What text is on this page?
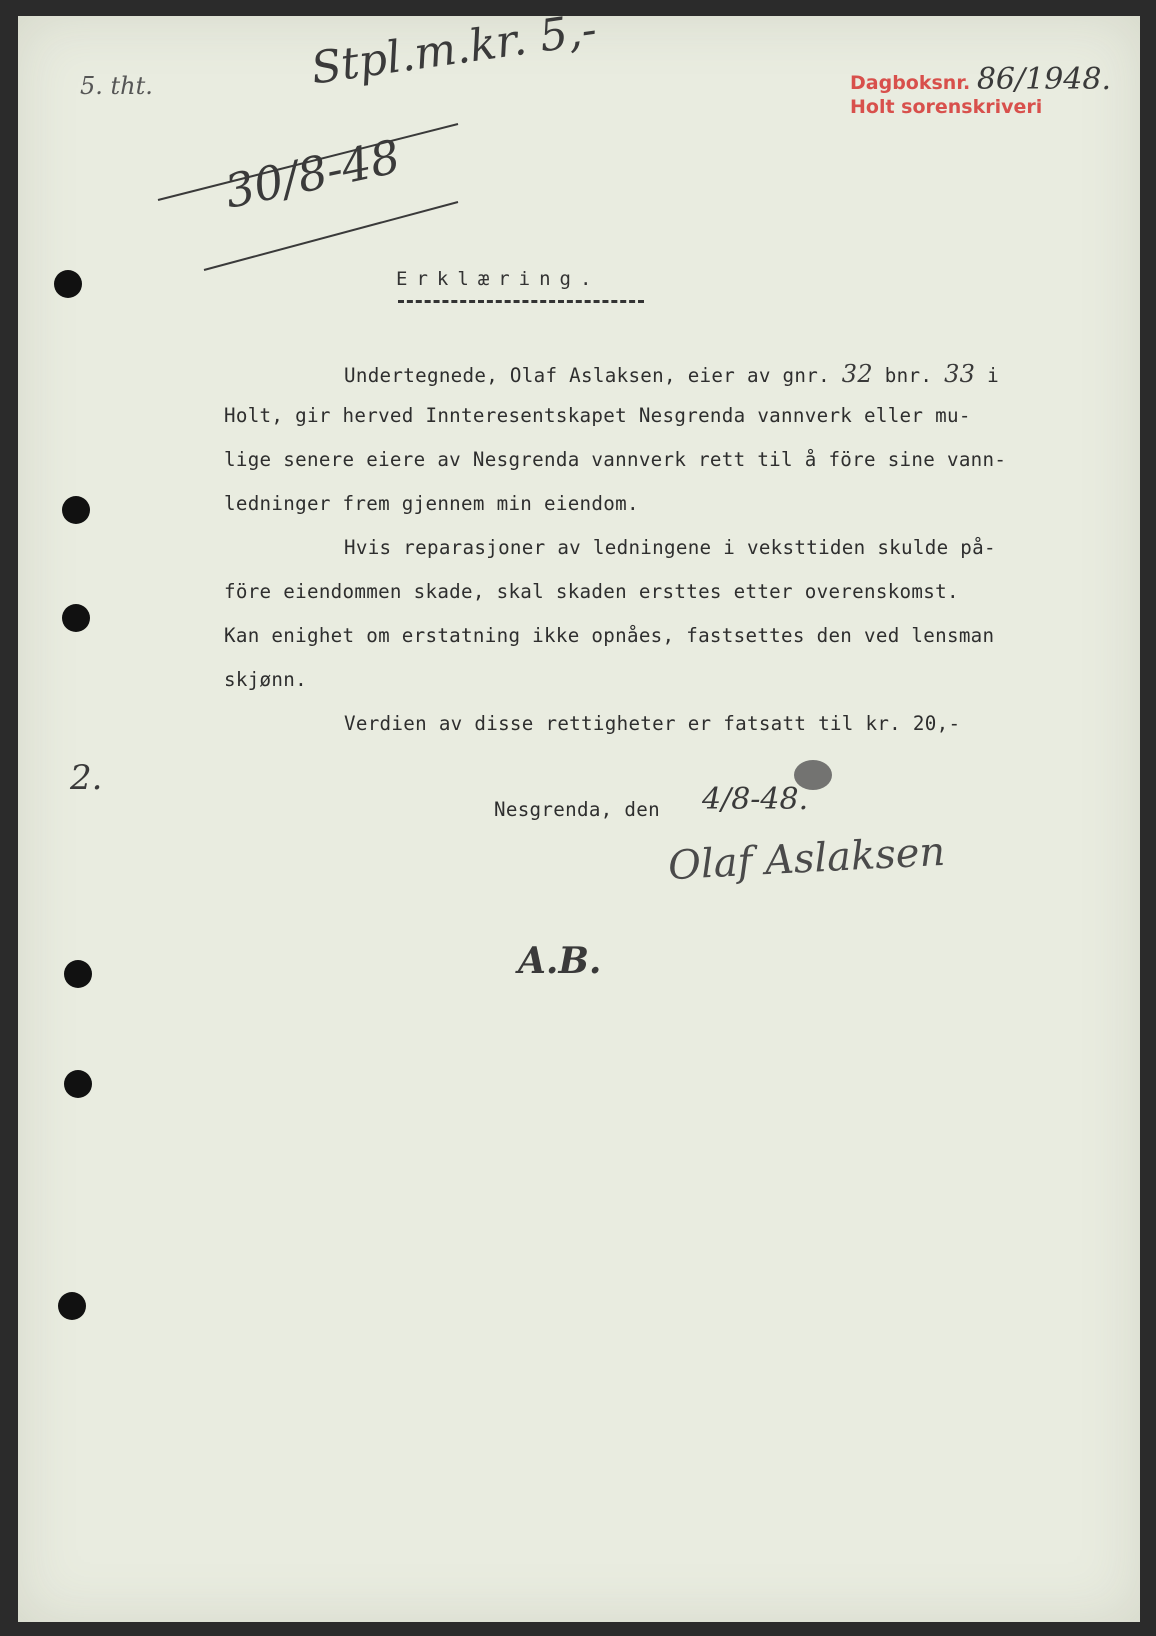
5. tht.	Stpl.m.kr. 5,-
30/8-48
Dagboksnr. 86/1948.
Holt sorenskriveri
Erklæring.
Undertegnede, Olaf Aslaksen, eier av gnr. 32 bnr. 33 i
Holt, gir herved Innteresentskapet Nesgrenda vannverk eller mu-
lige senere eiere av Nesgrenda vannverk rett til å före sine vann-
ledninger frem gjennem min eiendom.
Hvis reparasjoner av ledningene i veksttiden skulde på-
före eiendommen skade, skal skaden ersttes etter overenskomst.
Kan enighet om erstatning ikke opnåes, fastsettes den ved lensman
skjønn.
Verdien av disse rettigheter er fatsatt til kr. 20,-
2.
Nesgrenda, den 4/8-48.
Olaf Aslaksen
A.B.
